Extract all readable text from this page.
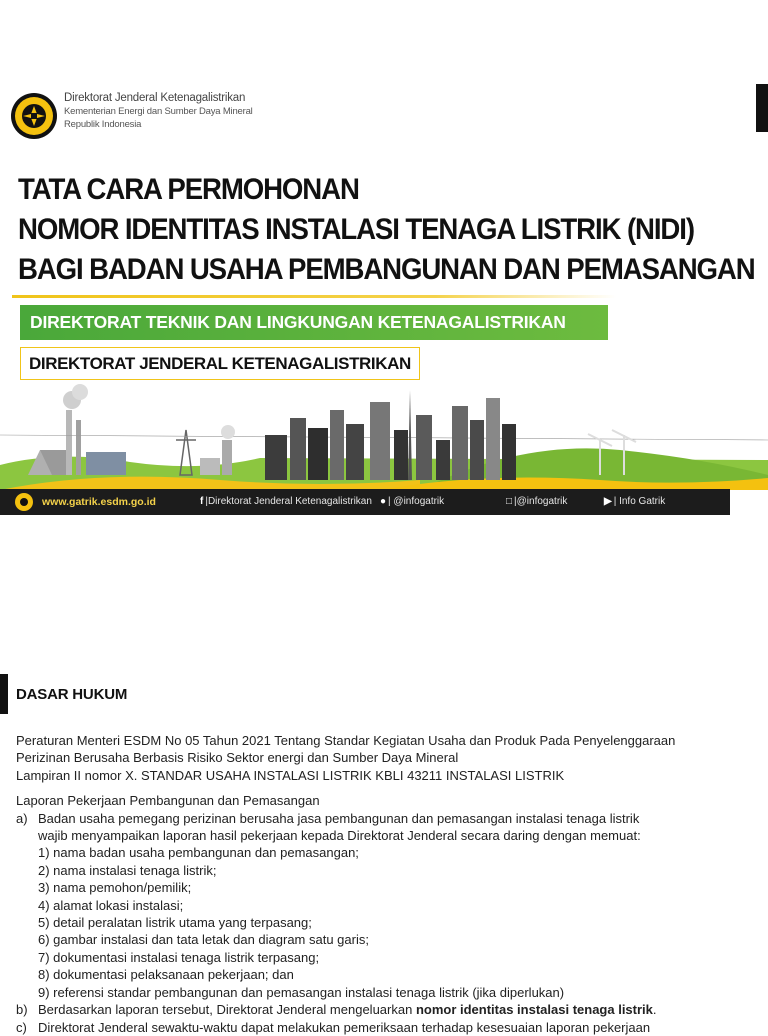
Direktorat Jenderal Ketenagalistrikan
Kementerian Energi dan Sumber Daya Mineral
Republik Indonesia
TATA CARA PERMOHONAN
NOMOR IDENTITAS INSTALASI TENAGA LISTRIK (NIDI)
BAGI BADAN USAHA PEMBANGUNAN DAN PEMASANGAN
DIREKTORAT TEKNIK DAN LINGKUNGAN KETENAGALISTRIKAN
DIREKTORAT JENDERAL KETENAGALISTRIKAN
www.gatrik.esdm.go.id	f |Direktorat Jenderal Ketenagalistrikan ● | @infogatrik	□ |@infogatrik	▶ | Info Gatrik
DASAR HUKUM

Peraturan Menteri ESDM No 05 Tahun 2021 Tentang Standar Kegiatan Usaha dan Produk Pada Penyelenggaraan

Perizinan Berusaha Berbasis Risiko Sektor energi dan Sumber Daya Mineral

Lampiran II nomor X. STANDAR USAHA INSTALASI LISTRIK KBLI 43211 INSTALASI LISTRIK

Laporan Pekerjaan Pembangunan dan Pemasangan

a) Badan usaha pemegang perizinan berusaha jasa pembangunan dan pemasangan instalasi tenaga listrik

wajib menyampaikan laporan hasil pekerjaan kepada Direktorat Jenderal secara daring dengan memuat:

1) nama badan usaha pembangunan dan pemasangan;

2) nama instalasi tenaga listrik;

3) nama pemohon/pemilik;

4) alamat lokasi instalasi;

5) detail peralatan listrik utama yang terpasang;

6) gambar instalasi dan tata letak dan diagram satu garis;

7) dokumentasi instalasi tenaga listrik terpasang;

8) dokumentasi pelaksanaan pekerjaan; dan

9) referensi standar pembangunan dan pemasangan instalasi tenaga listrik (jika diperlukan)

b) Berdasarkan laporan tersebut, Direktorat Jenderal mengeluarkan nomor identitas instalasi tenaga listrik.

c) Direktorat Jenderal sewaktu-waktu dapat melakukan pemeriksaan terhadap kesesuaian laporan pekerjaan
